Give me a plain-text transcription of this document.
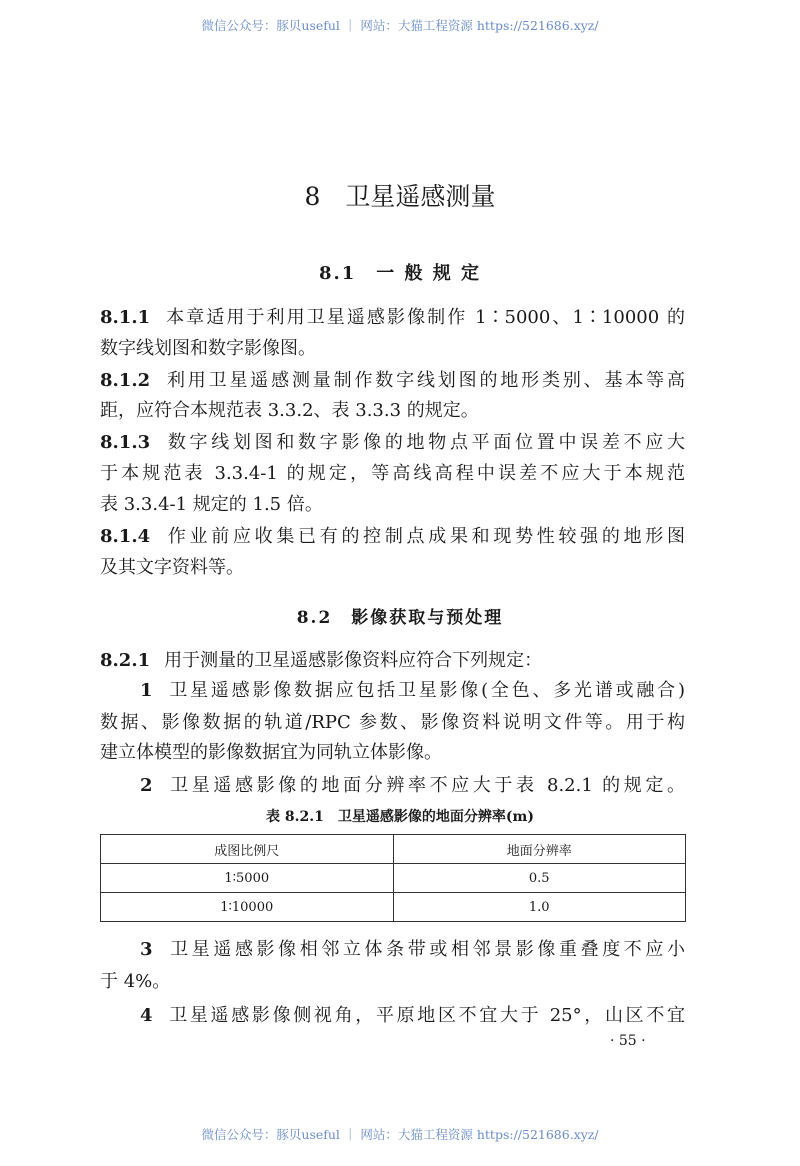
微信公众号：豚贝useful ｜ 网站：大猫工程资源 https://521686.xyz/
8　卫星遥感测量
8.1　一 般 规 定
8.1.1 本章适用于利用卫星遥感影像制作 1∶5000、1∶10000 的
数字线划图和数字影像图。
8.1.2 利用卫星遥感测量制作数字线划图的地形类别、基本等高
距，应符合本规范表 3.3.2、表 3.3.3 的规定。
8.1.3 数字线划图和数字影像的地物点平面位置中误差不应大
于本规范表 3.3.4-1 的规定，等高线高程中误差不应大于本规范
表 3.3.4-1 规定的 1.5 倍。
8.1.4 作业前应收集已有的控制点成果和现势性较强的地形图
及其文字资料等。
8.2　影像获取与预处理
8.2.1 用于测量的卫星遥感影像资料应符合下列规定：
1 卫星遥感影像数据应包括卫星影像(全色、多光谱或融合)
数据、影像数据的轨道/RPC 参数、影像资料说明文件等。用于构
建立体模型的影像数据宜为同轨立体影像。
2 卫星遥感影像的地面分辨率不应大于表 8.2.1 的规定。
表 8.2.1　卫星遥感影像的地面分辨率(m)
成图比例尺	地面分辨率
1∶5000	0.5
1∶10000	1.0
3 卫星遥感影像相邻立体条带或相邻景影像重叠度不应小
于 4%。
4 卫星遥感影像侧视角，平原地区不宜大于 25°，山区不宜
· 55 ·
微信公众号：豚贝useful ｜ 网站：大猫工程资源 https://521686.xyz/
